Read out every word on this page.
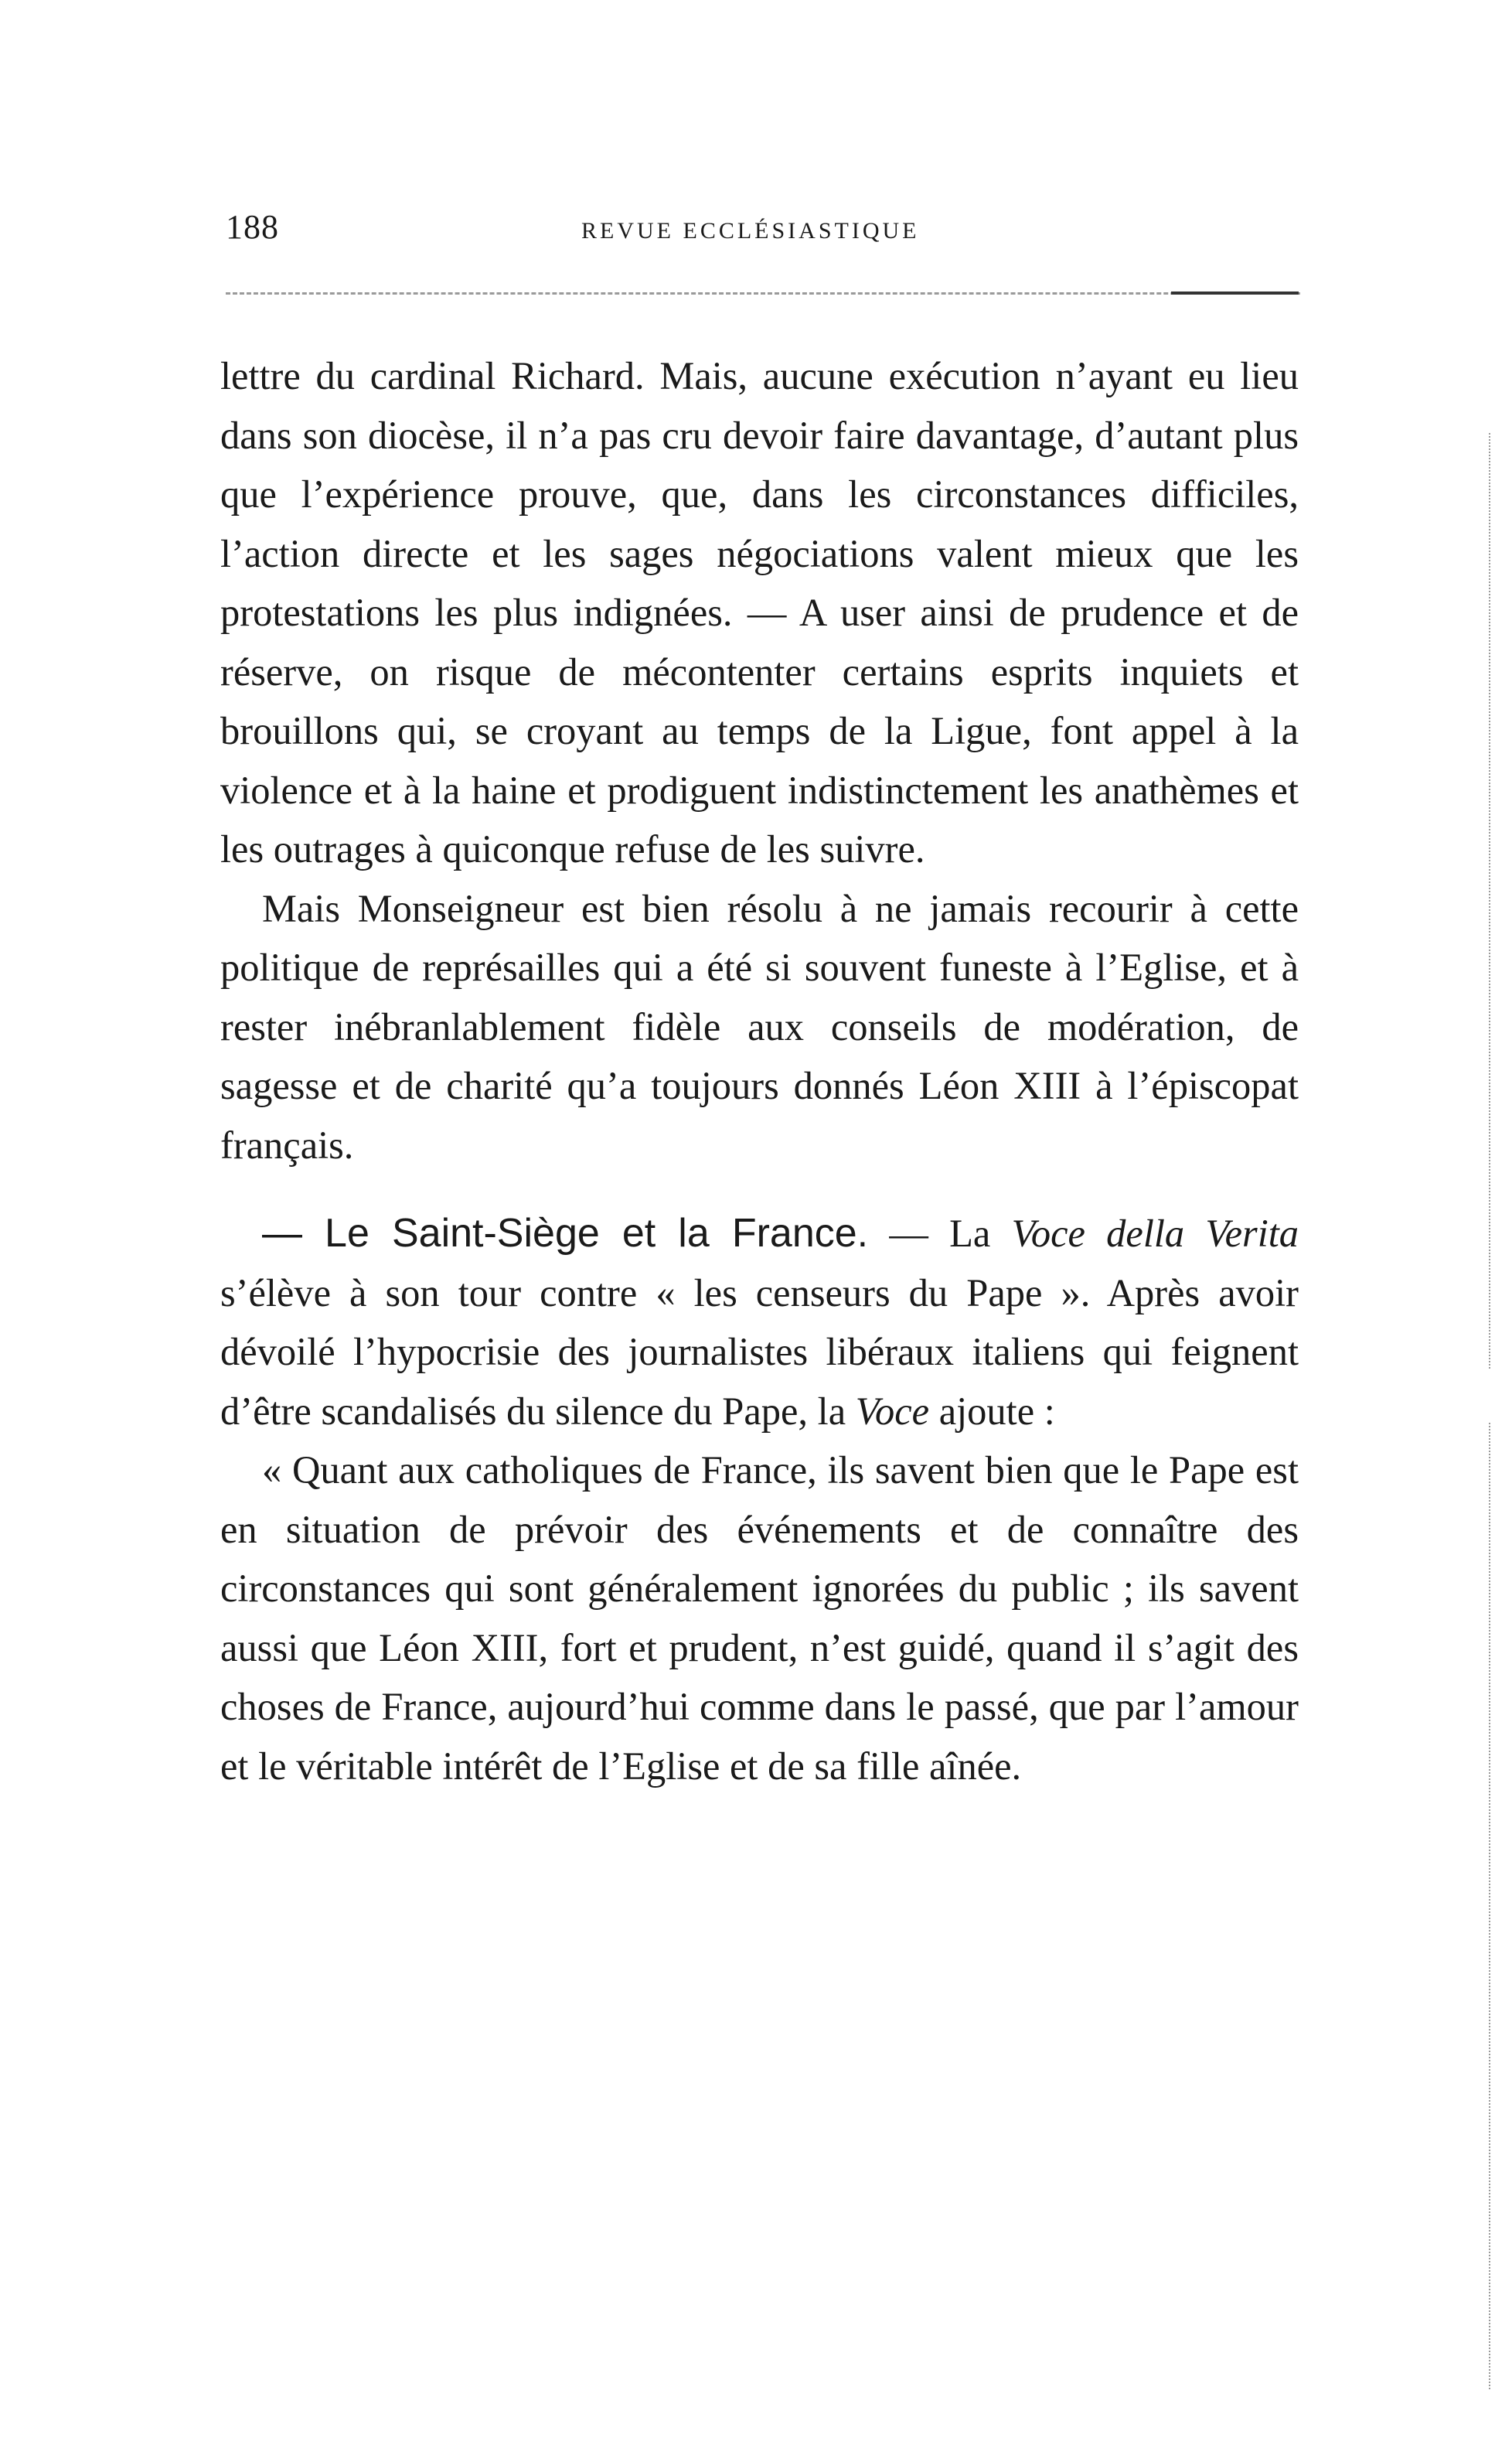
188	REVUE ECCLÉSIASTIQUE

lettre du cardinal Richard. Mais, aucune exécution n’ayant eu lieu dans son diocèse, il n’a pas cru devoir faire davantage, d’autant plus que l’expérience prouve, que, dans les circonstances difficiles, l’action directe et les sages négociations valent mieux que les protestations les plus indignées. — A user ainsi de prudence et de réserve, on risque de mécontenter certains esprits inquiets et brouillons qui, se croyant au temps de la Ligue, font appel à la violence et à la haine et prodiguent indistinctement les anathèmes et les outrages à quiconque refuse de les suivre.

Mais Monseigneur est bien résolu à ne jamais recourir à cette politique de représailles qui a été si souvent funeste à l’Eglise, et à rester inébranlablement fidèle aux conseils de modération, de sagesse et de charité qu’a toujours donnés Léon XIII à l’épiscopat français.

— Le Saint-Siège et la France. — La Voce della Verita s’élève à son tour contre « les censeurs du Pape ». Après avoir dévoilé l’hypocrisie des journalistes libéraux italiens qui feignent d’être scandalisés du silence du Pape, la Voce ajoute :

« Quant aux catholiques de France, ils savent bien que le Pape est en situation de prévoir des événements et de connaître des circonstances qui sont généralement ignorées du public ; ils savent aussi que Léon XIII, fort et prudent, n’est guidé, quand il s’agit des choses de France, aujourd’hui comme dans le passé, que par l’amour et le véritable intérêt de l’Eglise et de sa fille aînée.
